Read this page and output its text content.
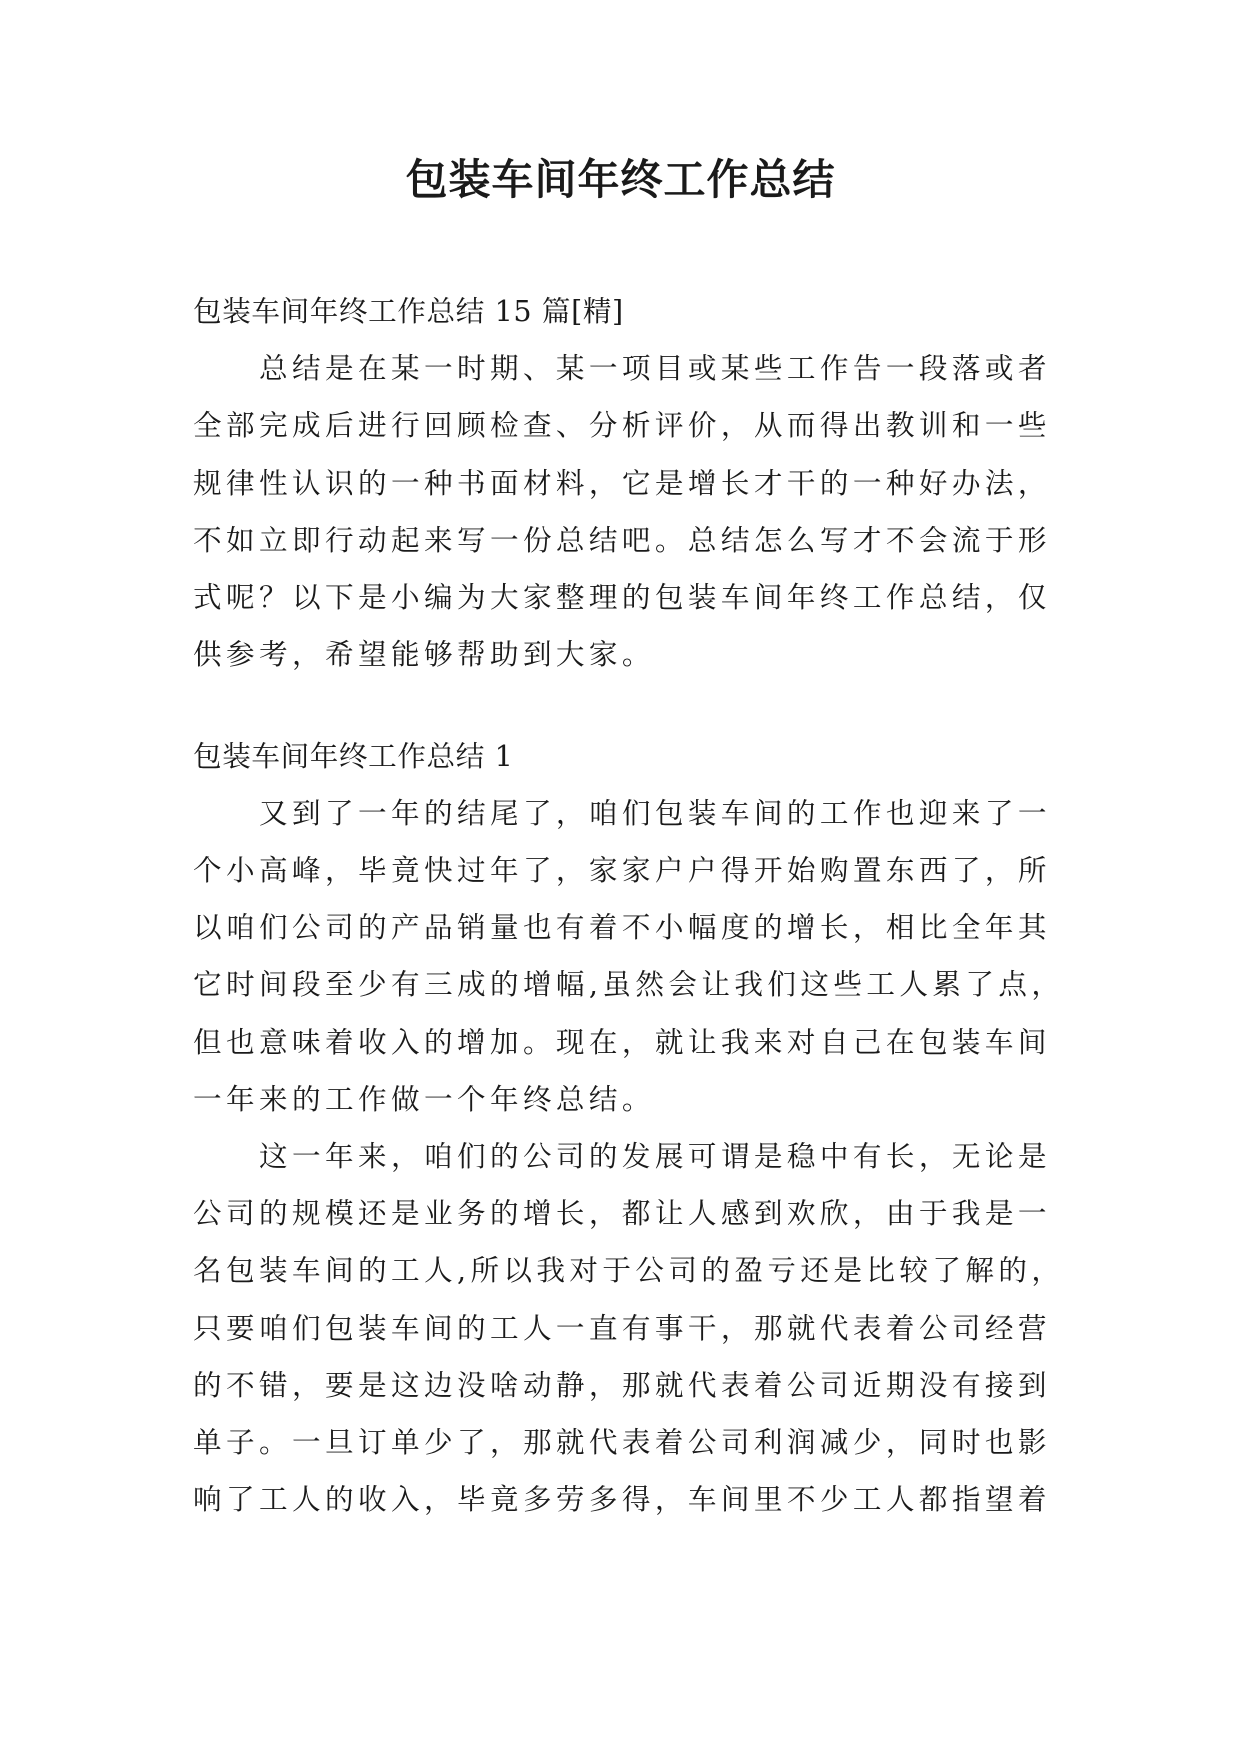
包装车间年终工作总结
包装车间年终工作总结 15 篇[精]
　　总结是在某一时期、某一项目或某些工作告一段落或者
全部完成后进行回顾检查、分析评价，从而得出教训和一些
规律性认识的一种书面材料，它是增长才干的一种好办法，
不如立即行动起来写一份总结吧。总结怎么写才不会流于形
式呢？以下是小编为大家整理的包装车间年终工作总结，仅
供参考，希望能够帮助到大家。
包装车间年终工作总结 1
　　又到了一年的结尾了，咱们包装车间的工作也迎来了一
个小高峰，毕竟快过年了，家家户户得开始购置东西了，所
以咱们公司的产品销量也有着不小幅度的增长，相比全年其
它时间段至少有三成的增幅,虽然会让我们这些工人累了点，
但也意味着收入的增加。现在，就让我来对自己在包装车间
一年来的工作做一个年终总结。
　　这一年来，咱们的公司的发展可谓是稳中有长，无论是
公司的规模还是业务的增长，都让人感到欢欣，由于我是一
名包装车间的工人,所以我对于公司的盈亏还是比较了解的，
只要咱们包装车间的工人一直有事干，那就代表着公司经营
的不错，要是这边没啥动静，那就代表着公司近期没有接到
单子。一旦订单少了，那就代表着公司利润减少，同时也影
响了工人的收入，毕竟多劳多得，车间里不少工人都指望着
